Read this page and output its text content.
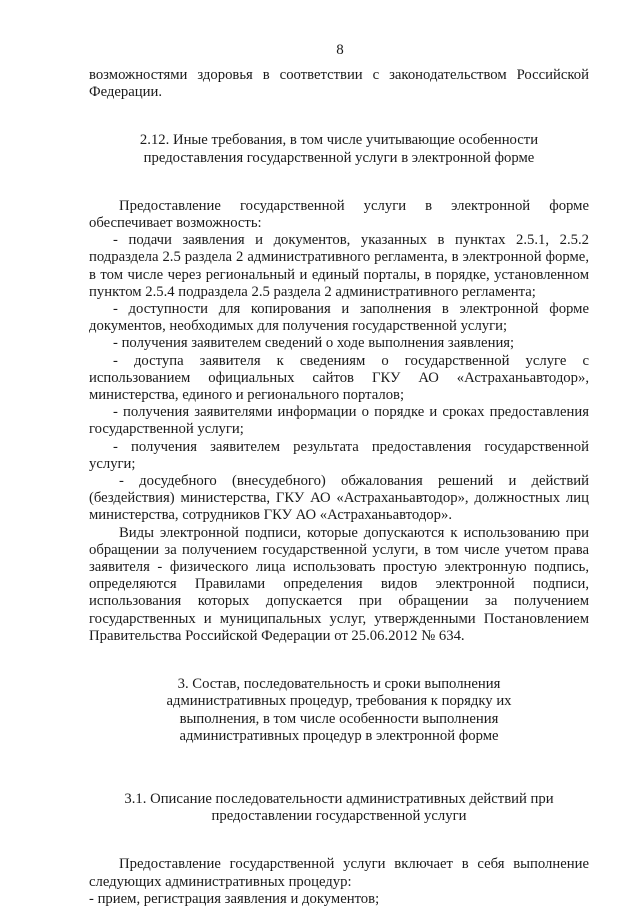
8

возможностями здоровья в соответствии с законодательством Российской Федерации.

2.12. Иные требования, в том числе учитывающие особенности

предоставления государственной услуги в электронной форме

Предоставление государственной услуги в электронной форме обеспечивает возможность:

- подачи заявления и документов, указанных в пунктах 2.5.1, 2.5.2 подраздела 2.5 раздела 2 административного регламента, в электронной форме, в том числе через региональный и единый порталы, в порядке, установленном пунктом 2.5.4 подраздела 2.5 раздела 2 административного регламента;

- доступности для копирования и заполнения в электронной форме документов, необходимых для получения государственной услуги;

- получения заявителем сведений о ходе выполнения заявления;

- доступа заявителя к сведениям о государственной услуге с использованием официальных сайтов ГКУ АО «Астраханьавтодор», министерства, единого и регионального порталов;

- получения заявителями информации о порядке и сроках предоставления государственной услуги;

- получения заявителем результата предоставления государственной услуги;

- досудебного (внесудебного) обжалования решений и действий (бездействия) министерства, ГКУ АО «Астраханьавтодор», должностных лиц министерства, сотрудников ГКУ АО «Астраханьавтодор».

Виды электронной подписи, которые допускаются к использованию при обращении за получением государственной услуги, в том числе учетом права заявителя - физического лица использовать простую электронную подпись, определяются Правилами определения видов электронной подписи, использования которых допускается при обращении за получением государственных и муниципальных услуг, утвержденными Постановлением Правительства Российской Федерации от 25.06.2012 № 634.

3. Состав, последовательность и сроки выполнения

административных процедур, требования к порядку их

выполнения, в том числе особенности выполнения

административных процедур в электронной форме

3.1. Описание последовательности административных действий при

предоставлении государственной услуги

Предоставление государственной услуги включает в себя выполнение следующих административных процедур:

- прием, регистрация заявления и документов;
